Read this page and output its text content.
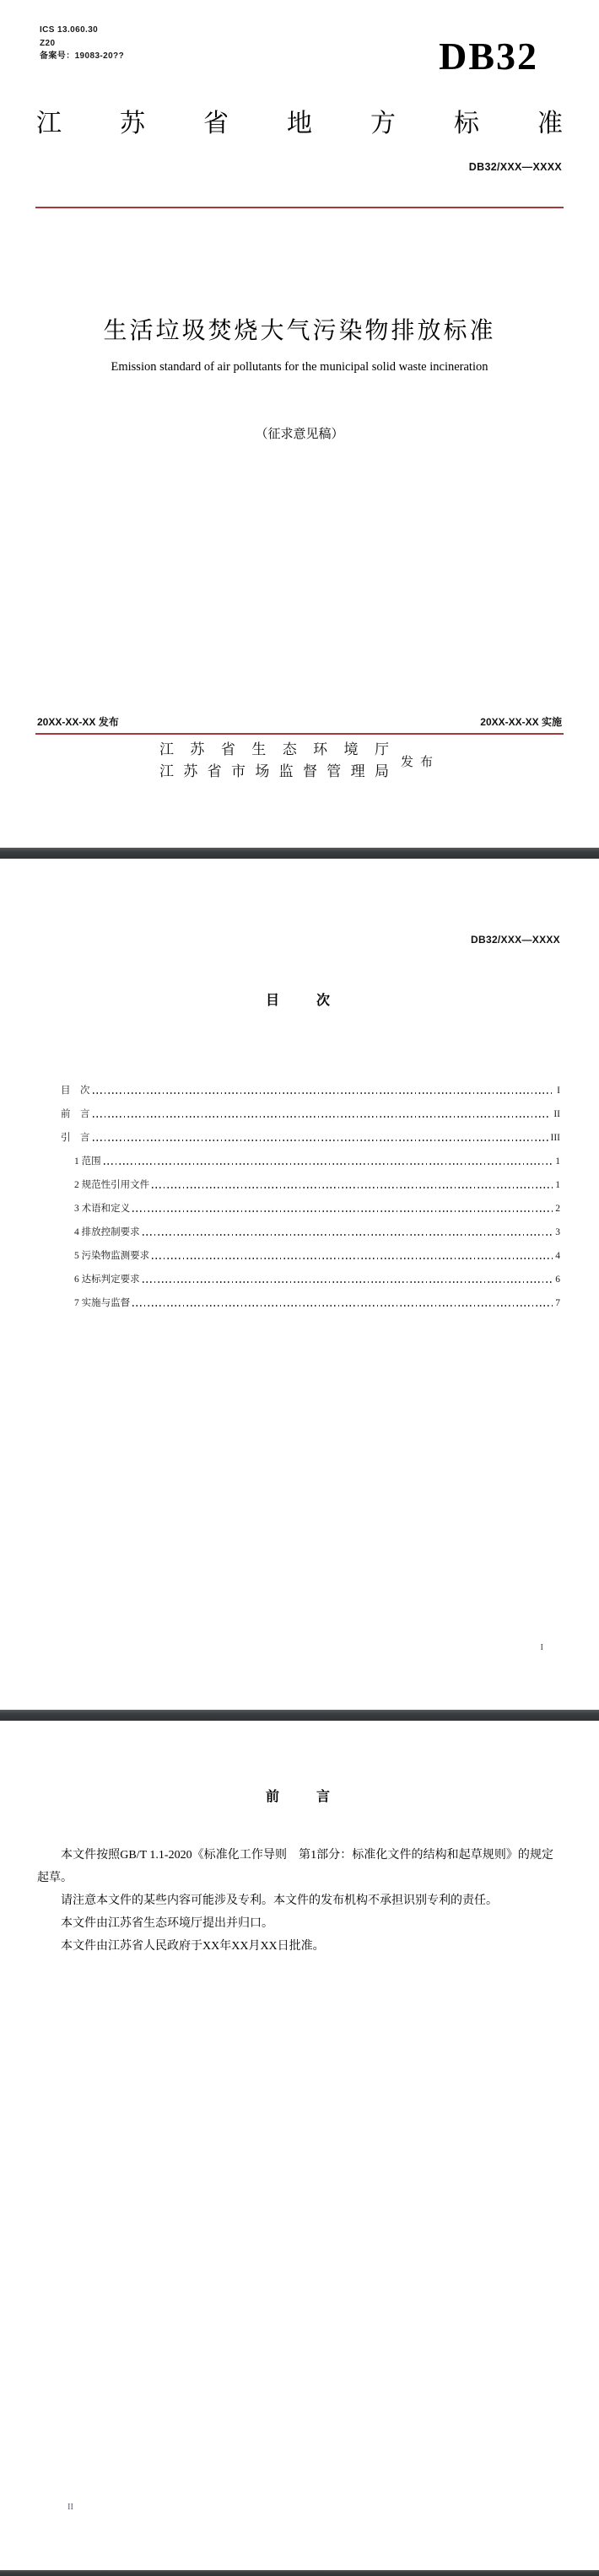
ICS 13.060.30
Z20
备案号：19083-20??	DB32
江 苏 省 地 方 标 准
DB32/XXX—XXXX
生活垃圾焚烧大气污染物排放标准
Emission standard of air pollutants for the municipal solid waste incineration
（征求意见稿）
20XX-XX-XX 发布	20XX-XX-XX 实施
江 苏 省 生 态 环 境 厅
江 苏 省 市 场 监 督 管 理 局
发布
DB32/XXX—XXXX
目　　次
目　次	I
前　言	II
引　言	III
1 范围	1
2 规范性引用文件	1
3 术语和定义	2
4 排放控制要求	3
5 污染物监测要求	4
6 达标判定要求	6
7 实施与监督	7
I
前　　言

本文件按照GB/T 1.1-2020《标准化工作导则　第1部分：标准化文件的结构和起草规则》的规定起草。

请注意本文件的某些内容可能涉及专利。本文件的发布机构不承担识别专利的责任。

本文件由江苏省生态环境厅提出并归口。

本文件由江苏省人民政府于XX年XX月XX日批准。

II
